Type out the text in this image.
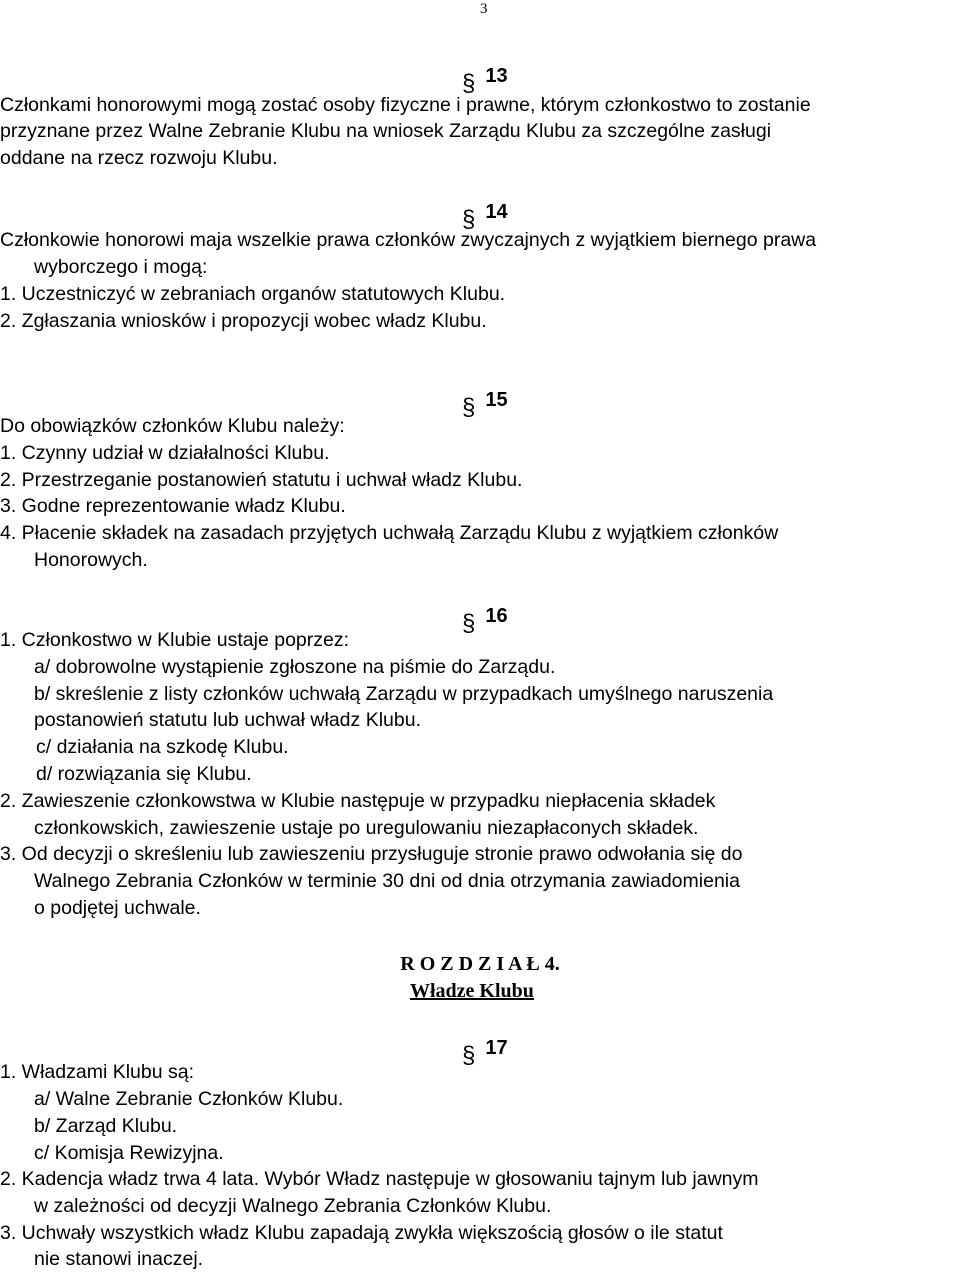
3
§ 13
Członkami honorowymi mogą zostać osoby fizyczne i prawne, którym członkostwo to zostanie
przyznane przez Walne Zebranie Klubu na wniosek Zarządu Klubu za szczególne zasługi
oddane na rzecz rozwoju Klubu.
§ 14
Członkowie honorowi maja wszelkie prawa członków zwyczajnych z wyjątkiem biernego prawa
wyborczego i mogą:
1. Uczestniczyć w zebraniach organów statutowych Klubu.
2. Zgłaszania wniosków i propozycji wobec władz Klubu.
§ 15
Do obowiązków członków Klubu należy:
1. Czynny udział w działalności Klubu.
2. Przestrzeganie postanowień statutu i uchwał władz Klubu.
3. Godne reprezentowanie władz Klubu.
4. Płacenie składek na zasadach przyjętych uchwałą Zarządu Klubu z wyjątkiem członków
Honorowych.
§ 16
1. Członkostwo w Klubie ustaje poprzez:
a/ dobrowolne wystąpienie zgłoszone na piśmie do Zarządu.
b/ skreślenie z listy członków uchwałą Zarządu w przypadkach umyślnego naruszenia
postanowień statutu lub uchwał władz Klubu.
c/ działania na szkodę Klubu.
d/ rozwiązania się Klubu.
2. Zawieszenie członkowstwa w Klubie następuje w przypadku niepłacenia składek
członkowskich, zawieszenie ustaje po uregulowaniu niezapłaconych składek.
3. Od decyzji o skreśleniu lub zawieszeniu przysługuje stronie prawo odwołania się do
Walnego Zebrania Członków w terminie 30 dni od dnia otrzymania zawiadomienia
o podjętej uchwale.
R O Z D Z I A Ł 4.
Władze Klubu
§ 17
1. Władzami Klubu są:
a/ Walne Zebranie Członków Klubu.
b/ Zarząd Klubu.
c/ Komisja Rewizyjna.
2. Kadencja władz trwa 4 lata. Wybór Władz następuje w głosowaniu tajnym lub jawnym
w zależności od decyzji Walnego Zebrania Członków Klubu.
3. Uchwały wszystkich władz Klubu zapadają zwykła większością głosów o ile statut
nie stanowi inaczej.
